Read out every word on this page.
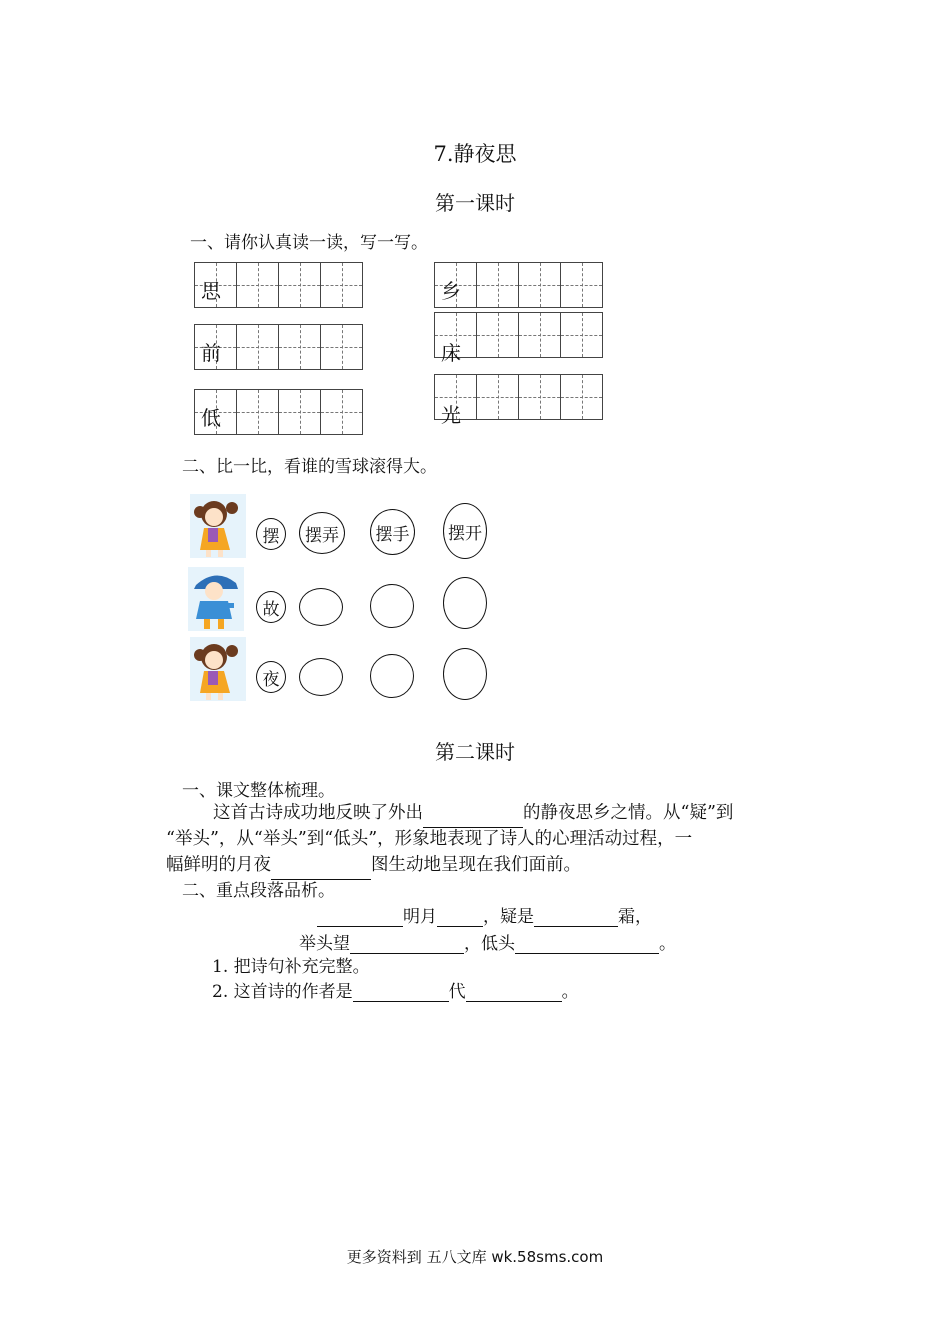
7.静夜思
第一课时
一、请你认真读一读，写一写。
思	乡
前	床
低	光
二、比一比，看谁的雪球滚得大。
摆	摆弄	摆手	摆开
故
夜
第二课时
一、课文整体梳理。
这首古诗成功地反映了外出	的静夜思乡之情。从“疑”到
“举头”，从“举头”到“低头”，形象地表现了诗人的心理活动过程，一
幅鲜明的月夜	图生动地呈现在我们面前。
二、重点段落品析。
明月	，疑是	霜，
举头望	，低头	。
1. 把诗句补充完整。
2. 这首诗的作者是	代	。
更多资料到 五八文库 wk.58sms.com
